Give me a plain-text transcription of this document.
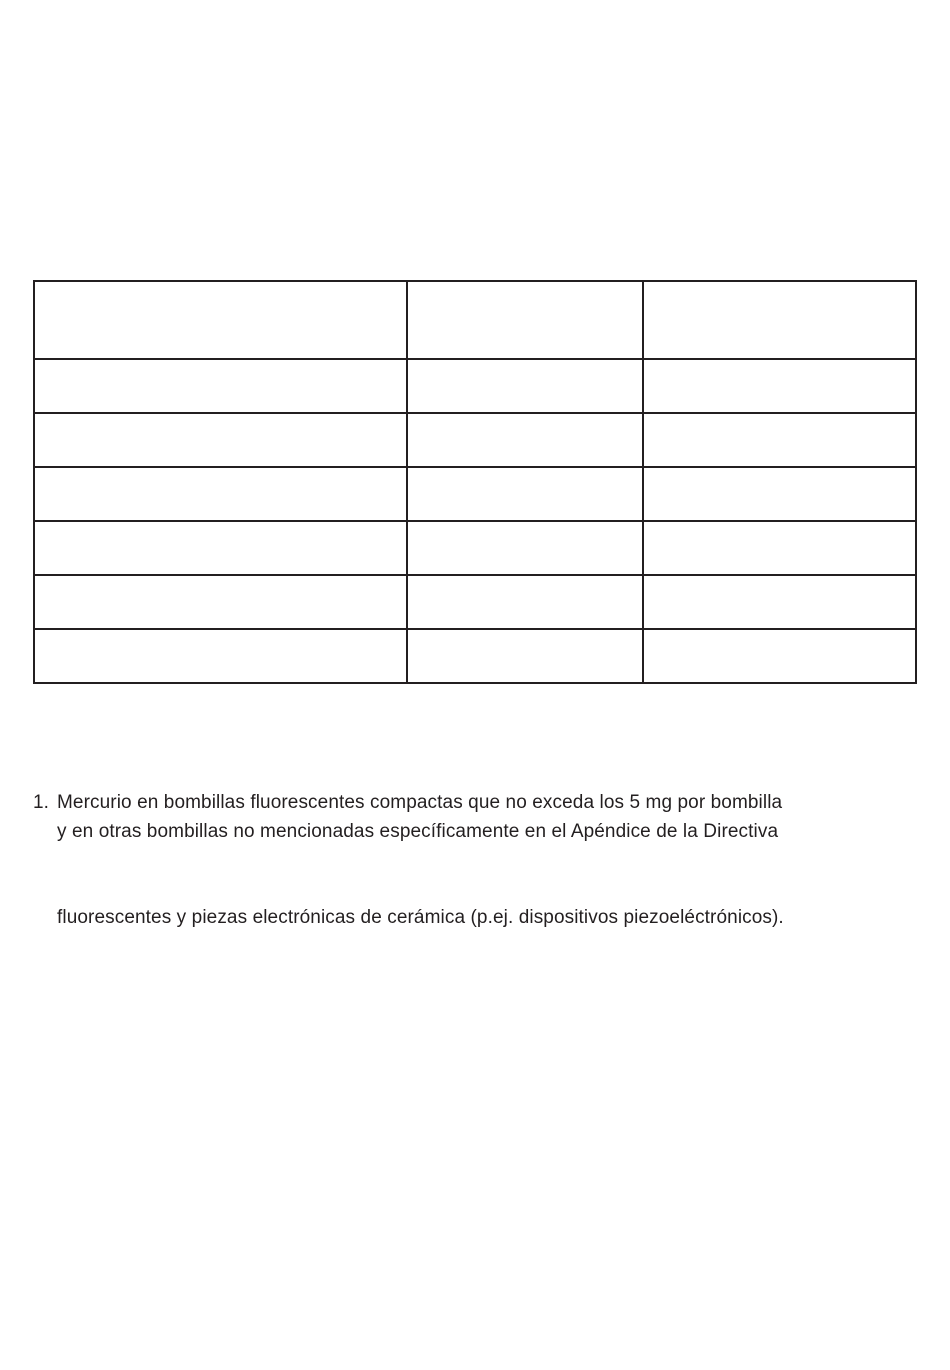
1. Mercurio en bombillas fluorescentes compactas que no exceda los 5 mg por bombilla
y en otras bombillas no mencionadas específicamente en el Apéndice de la Directiva
fluorescentes y piezas electrónicas de cerámica (p.ej. dispositivos piezoeléctrónicos).
